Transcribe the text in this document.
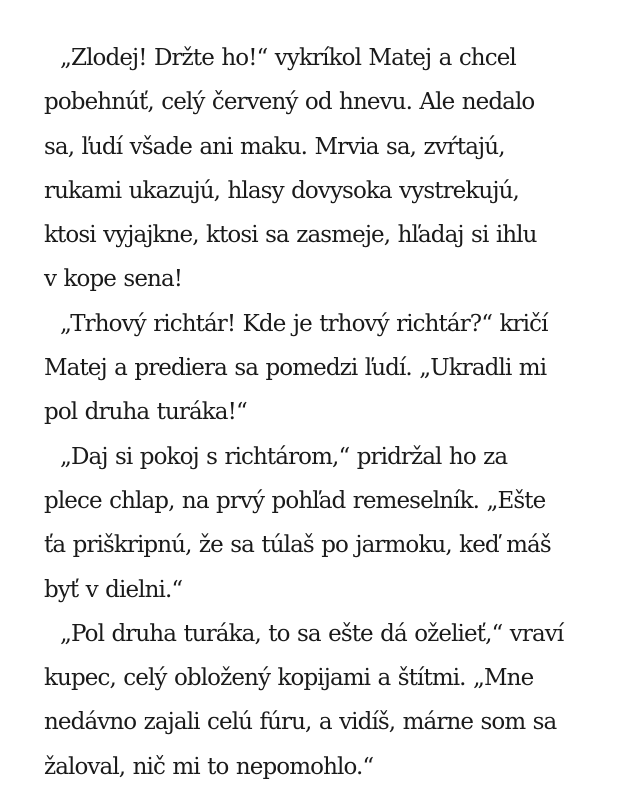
„Zlodej! Držte ho!“ vykríkol Matej a chcel
pobehnúť, celý červený od hnevu. Ale nedalo
sa, ľudí všade ani maku. Mrvia sa, zvŕtajú,
rukami ukazujú, hlasy dovysoka vystrekujú,
ktosi vyjajkne, ktosi sa zasmeje, hľadaj si ihlu
v kope sena!
„Trhový richtár! Kde je trhový richtár?“ kričí
Matej a prediera sa pomedzi ľudí. „Ukradli mi
pol druha turáka!“
„Daj si pokoj s richtárom,“ pridržal ho za
plece chlap, na prvý pohľad remeselník. „Ešte
ťa priškripnú, že sa túlaš po jarmoku, keď máš
byť v dielni.“
„Pol druha turáka, to sa ešte dá oželieť,“ vraví
kupec, celý obložený kopijami a štítmi. „Mne
nedávno zajali celú fúru, a vidíš, márne som sa
žaloval, nič mi to nepomohlo.“
